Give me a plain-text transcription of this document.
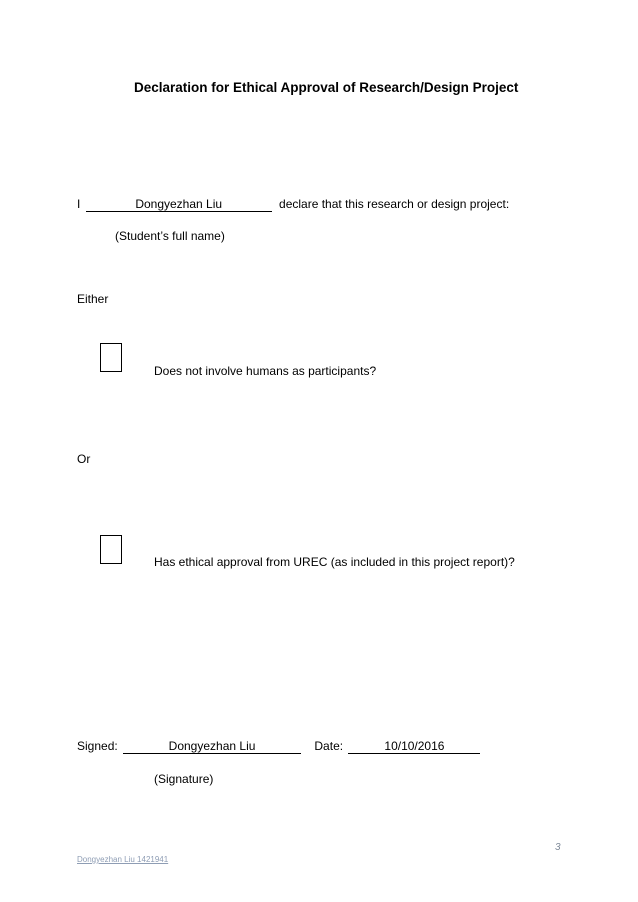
Declaration for Ethical Approval of Research/Design Project
I	Dongyezhan Liu	declare that this research or design project:
(Student’s full name)
Either
Does not involve humans as participants?
Or
Has ethical approval from UREC (as included in this project report)?
Signed:	Dongyezhan Liu	Date:	10/10/2016
(Signature)
3
Dongyezhan Liu 1421941
